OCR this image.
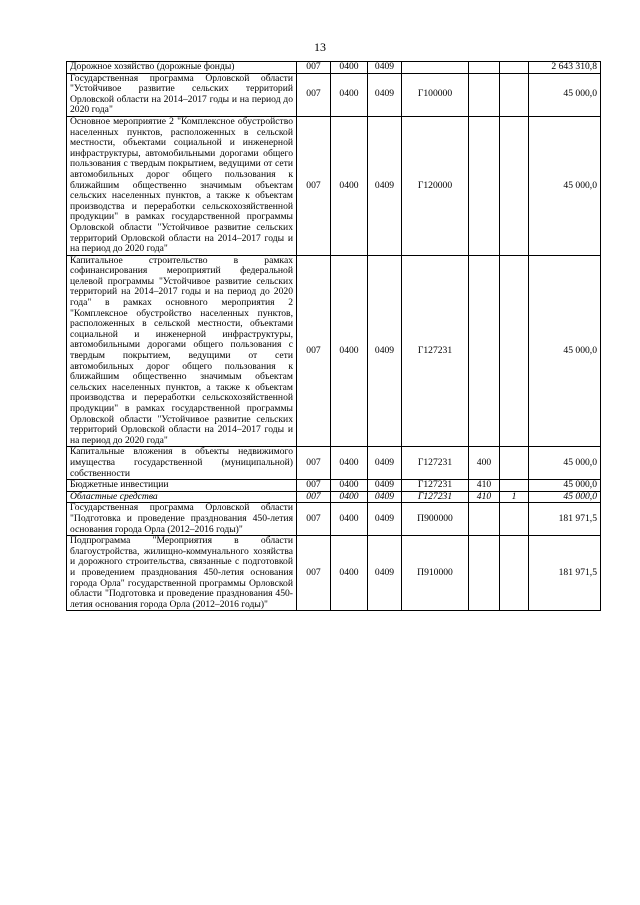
13
Дорожное хозяйство (дорожные фонды)	007	0400	0409				2 643 310,8
Государственная программа Орловской области "Устойчивое развитие сельских территорий Орловской области на 2014–2017 годы и на период до 2020 года"	007	0400	0409	Г100000			45 000,0
Основное мероприятие 2 "Комплексное обустройство населенных пунктов, расположенных в сельской местности, объектами социальной и инженерной инфраструктуры, автомобильными дорогами общего пользования с твердым покрытием, ведущими от сети автомобильных дорог общего пользования к ближайшим общественно значимым объектам сельских населенных пунктов, а также к объектам производства и переработки сельскохозяйственной продукции" в рамках государственной программы Орловской области "Устойчивое развитие сельских территорий Орловской области на 2014–2017 годы и на период до 2020 года"	007	0400	0409	Г120000			45 000,0
Капитальное строительство в рамках софинансирования мероприятий федеральной целевой программы "Устойчивое развитие сельских территорий на 2014–2017 годы и на период до 2020 года" в рамках основного мероприятия 2 "Комплексное обустройство населенных пунктов, расположенных в сельской местности, объектами социальной и инженерной инфраструктуры, автомобильными дорогами общего пользования с твердым покрытием, ведущими от сети автомобильных дорог общего пользования к ближайшим общественно значимым объектам сельских населенных пунктов, а также к объектам производства и переработки сельскохозяйственной продукции" в рамках государственной программы Орловской области "Устойчивое развитие сельских территорий Орловской области на 2014–2017 годы и на период до 2020 года"	007	0400	0409	Г127231			45 000,0
Капитальные вложения в объекты недвижимого имущества государственной (муниципальной) собственности	007	0400	0409	Г127231	400		45 000,0
Бюджетные инвестиции	007	0400	0409	Г127231	410		45 000,0
Областные средства	007	0400	0409	Г127231	410	1	45 000,0
Государственная программа Орловской области "Подготовка и проведение празднования 450-летия основания города Орла (2012–2016 годы)"	007	0400	0409	П900000			181 971,5
Подпрограмма "Мероприятия в области благоустройства, жилищно-коммунального хозяйства и дорожного строительства, связанные с подготовкой и проведением празднования 450-летия основания города Орла" государственной программы Орловской области "Подготовка и проведение празднования 450-летия основания города Орла (2012–2016 годы)"	007	0400	0409	П910000			181 971,5
